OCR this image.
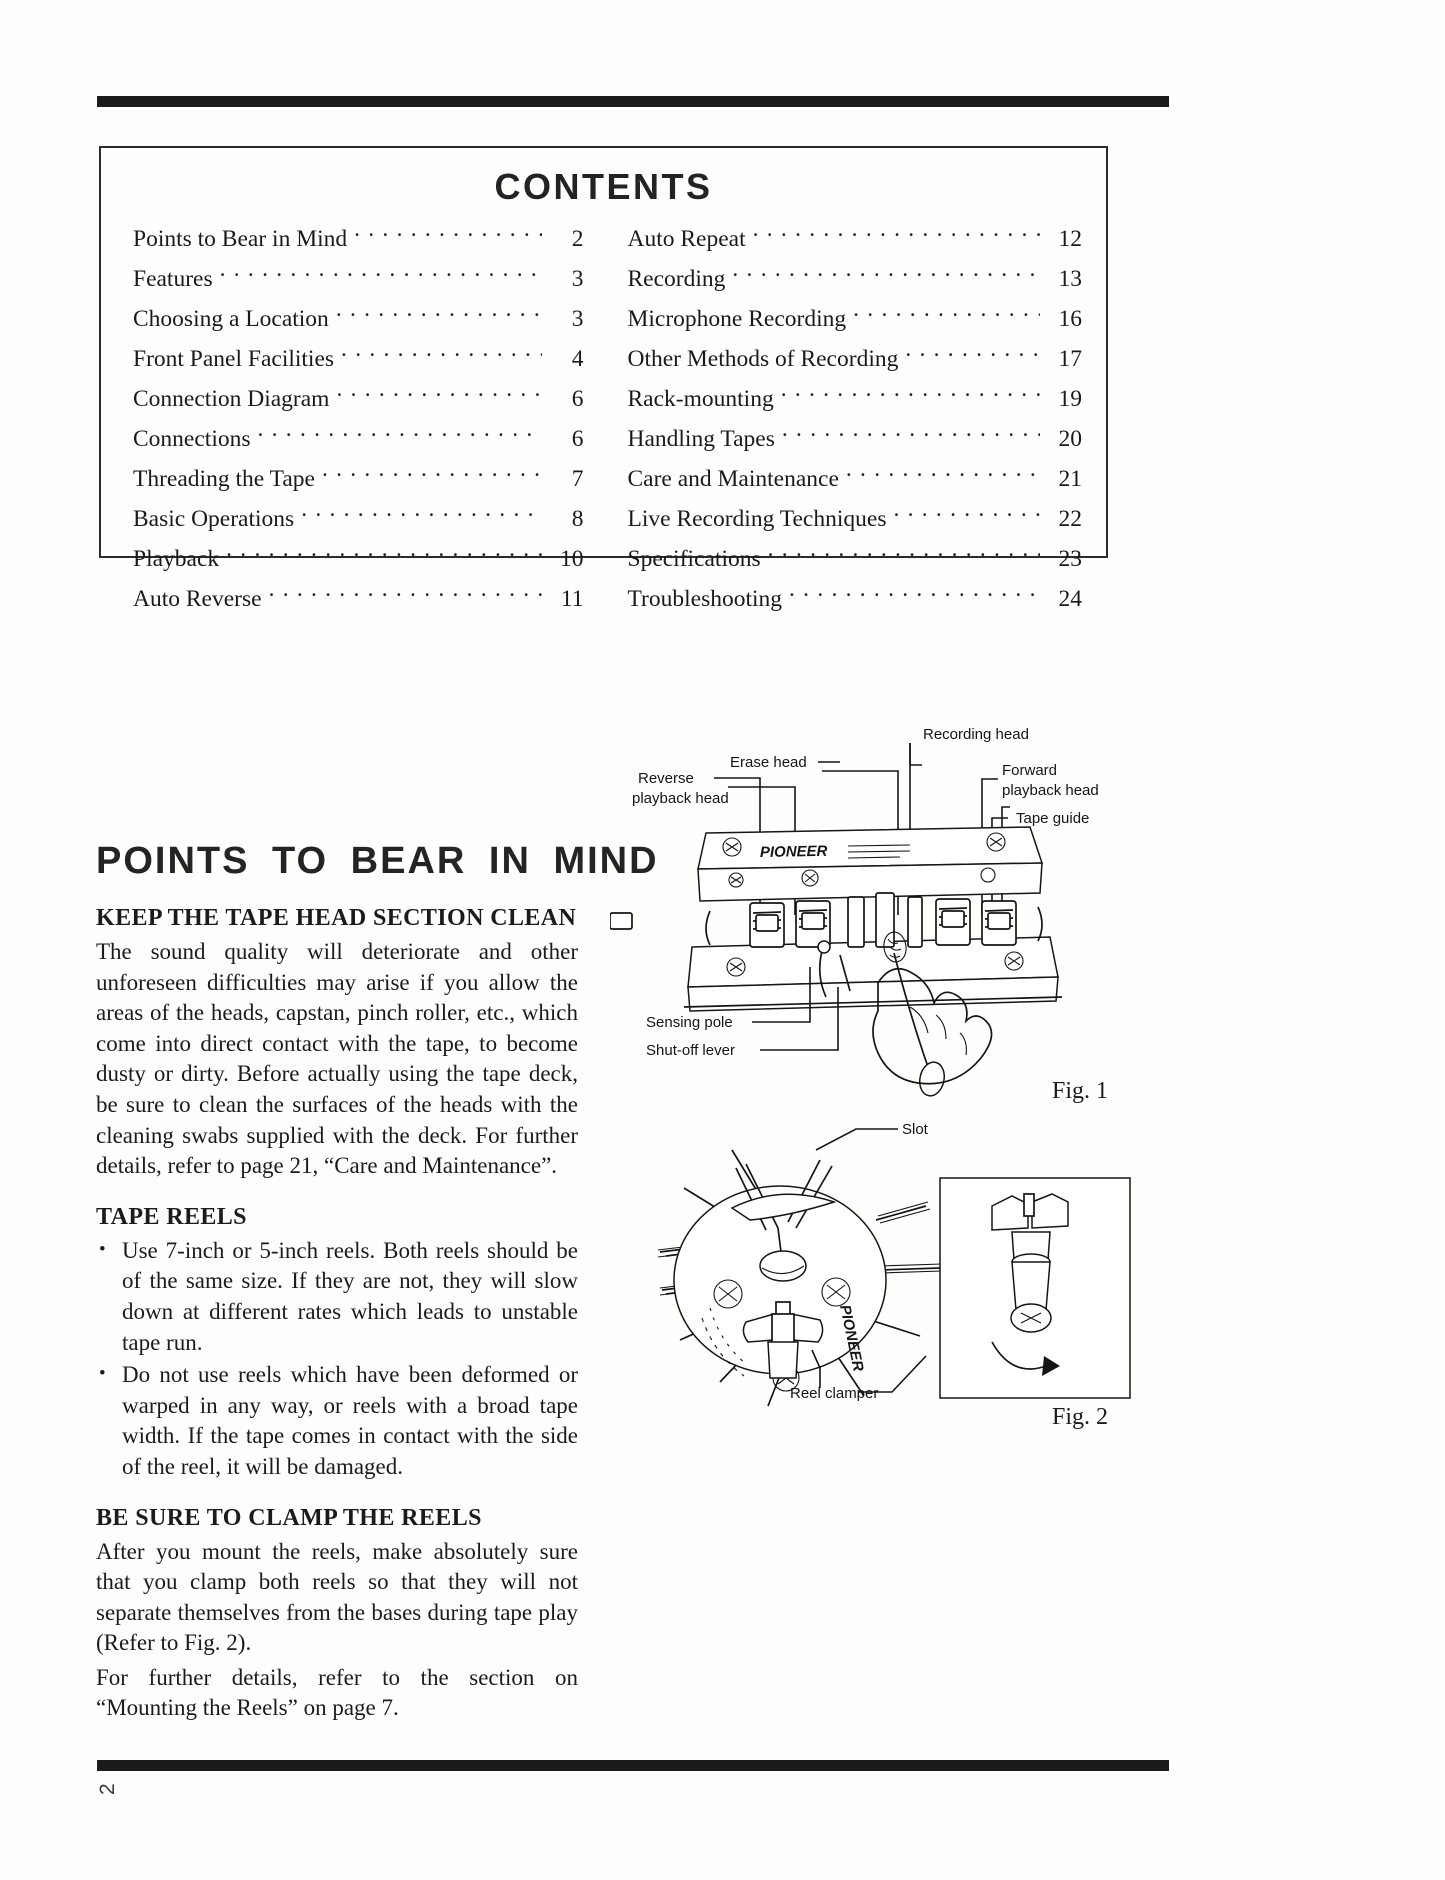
CONTENTS
Points to Bear in Mind . . .	2
Features . . .	3
Choosing a Location . . .	3
Front Panel Facilities . . .	4
Connection Diagram . . .	6
Connections . . .	6
Threading the Tape . . .	7
Basic Operations . . .	8
Playback . . .	10
Auto Reverse . . .	11
Auto Repeat . . .	12
Recording . . .	13
Microphone Recording . . .	16
Other Methods of Recording . . .	17
Rack-mounting . . .	19
Handling Tapes . . .	20
Care and Maintenance . . .	21
Live Recording Techniques . . .	22
Specifications . . .	23
Troubleshooting . . .	24
POINTS TO BEAR IN MIND
KEEP THE TAPE HEAD SECTION CLEAN

The sound quality will deteriorate and other unforeseen difficulties may arise if you allow the areas of the heads, capstan, pinch roller, etc., which come into direct contact with the tape, to become dusty or dirty. Before actually using the tape deck, be sure to clean the surfaces of the heads with the cleaning swabs supplied with the deck. For further details, refer to page 21, “Care and Maintenance”.

TAPE REELS
• Use 7-inch or 5-inch reels. Both reels should be of the same size. If they are not, they will slow down at different rates which leads to unstable tape run.
• Do not use reels which have been deformed or warped in any way, or reels with a broad tape width. If the tape comes in contact with the side of the reel, it will be damaged.
BE SURE TO CLAMP THE REELS

After you mount the reels, make absolutely sure that you clamp both reels so that they will not separate themselves from the bases during tape play (Refer to Fig. 2).

For further details, refer to the section on “Mounting the Reels” on page 7.

Recording head
Erase head	Forward
playback head
Tape guide
Reverse
playback head
PIONEER
Sensing pole
Shut-off lever
Fig. 1
Slot
PIONEER
Reel clamper
Fig. 2
2
